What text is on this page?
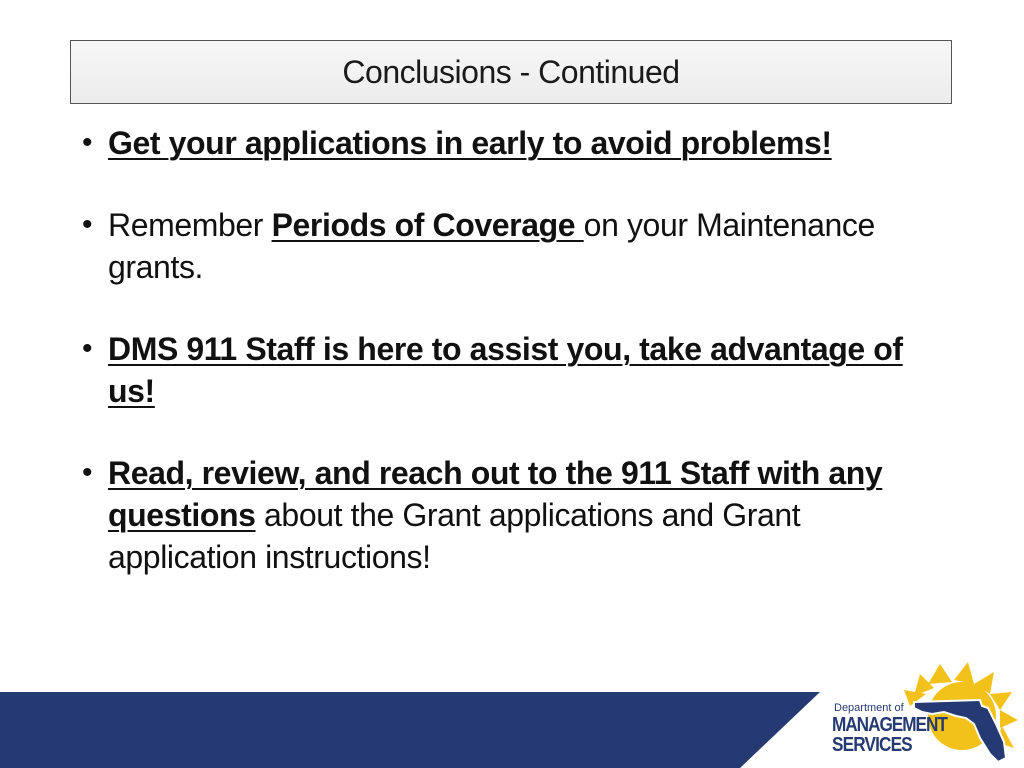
Conclusions - Continued
• Get your applications in early to avoid problems!
• Remember Periods of Coverage on your Maintenance grants.
• DMS 911 Staff is here to assist you, take advantage of us!
• Read, review, and reach out to the 911 Staff with any questions about the Grant applications and Grant application instructions!
Department of
MANAGEMENT
SERVICES
